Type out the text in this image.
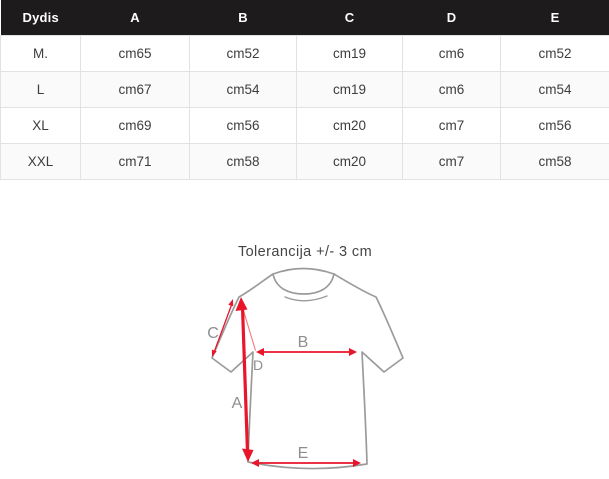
Dydis	A	B	C	D	E
M.	cm65	cm52	cm19	cm6	cm52
L	cm67	cm54	cm19	cm6	cm54
XL	cm69	cm56	cm20	cm7	cm56
XXL	cm71	cm58	cm20	cm7	cm58
Tolerancija +/- 3 cm
C
B
D
A
E
